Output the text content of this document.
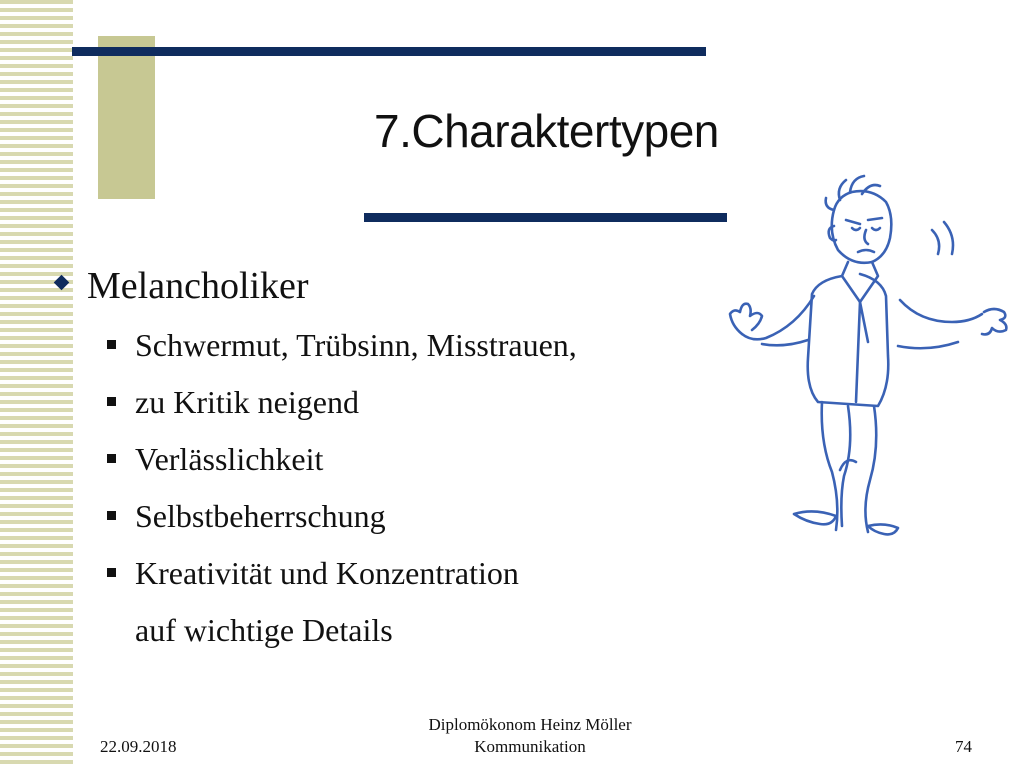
7.Charaktertypen
Melancholiker
Schwermut, Trübsinn, Misstrauen,
zu Kritik neigend
Verlässlichkeit
Selbstbeherrschung
Kreativität und Konzentration
auf wichtige Details
22.09.2018
Diplomökonom Heinz Möller
Kommunikation	74
